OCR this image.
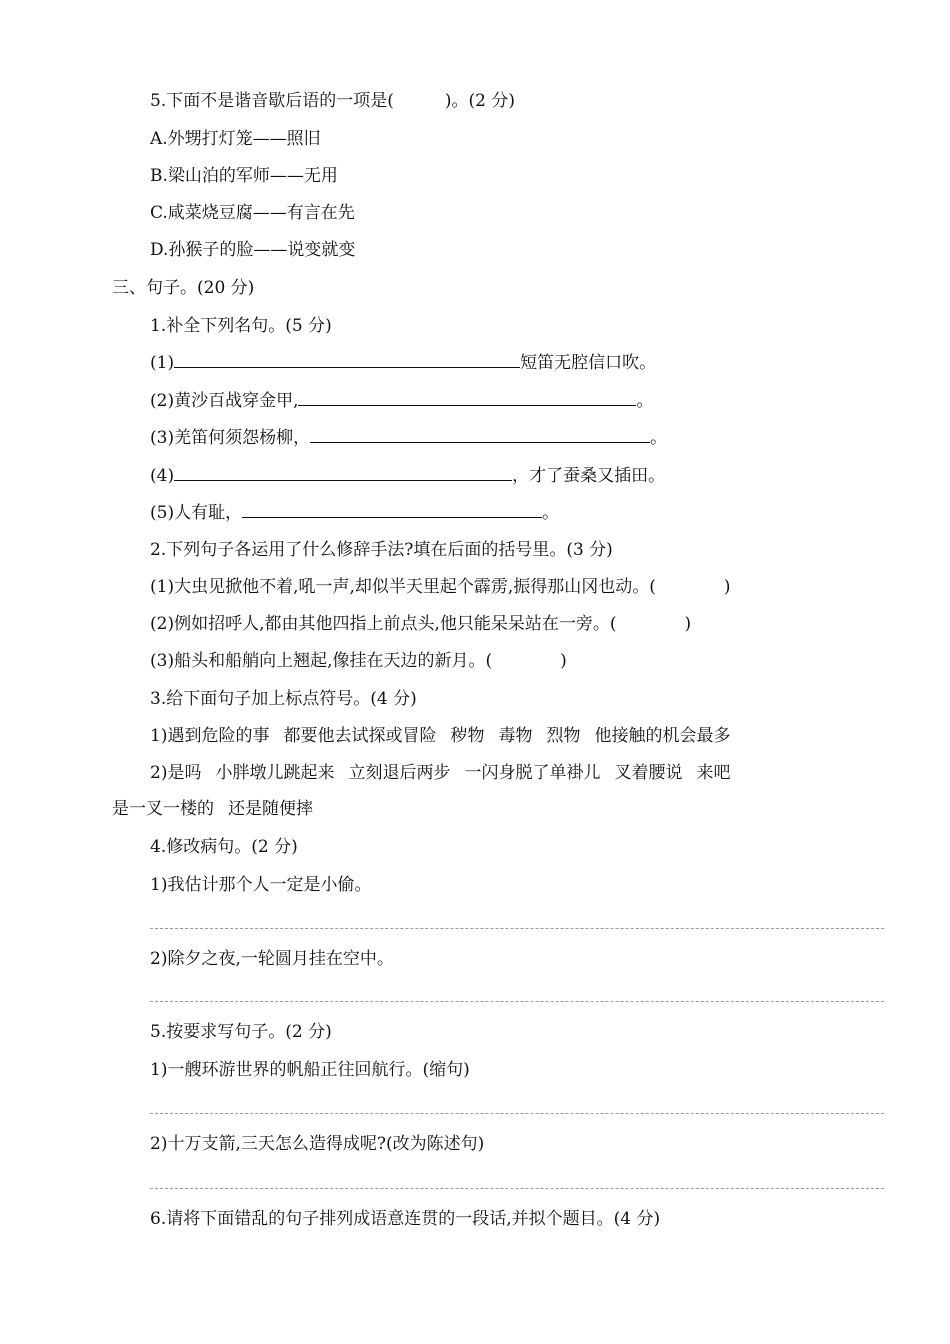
5.下面不是谐音歇后语的一项是(　　　)。(2 分)
A.外甥打灯笼——照旧
B.梁山泊的军师——无用
C.咸菜烧豆腐——有言在先
D.孙猴子的脸——说变就变
三、句子。(20 分)
1.补全下列名句。(5 分)
(1)	短笛无腔信口吹。
(2)黄沙百战穿金甲,	。
(3)羌笛何须怨杨柳，	。
(4)	，才了蚕桑又插田。
(5)人有耻，	。
2.下列句子各运用了什么修辞手法?填在后面的括号里。(3 分)
(1)大虫见掀他不着,吼一声,却似半天里起个霹雳,振得那山冈也动。(　　　　)
(2)例如招呼人,都由其他四指上前点头,他只能呆呆站在一旁。(　　　　)
(3)船头和船艄向上翘起,像挂在天边的新月。(　　　　)
3.给下面句子加上标点符号。(4 分)
1)遇到危险的事 都要他去试探或冒险 秽物 毒物 烈物 他接触的机会最多
2)是吗 小胖墩儿跳起来 立刻退后两步 一闪身脱了单褂儿 叉着腰说 来吧
是一叉一楼的 还是随便摔
4.修改病句。(2 分)
1)我估计那个人一定是小偷。
2)除夕之夜,一轮圆月挂在空中。
5.按要求写句子。(2 分)
1)一艘环游世界的帆船正往回航行。(缩句)
2)十万支箭,三天怎么造得成呢?(改为陈述句)
6.请将下面错乱的句子排列成语意连贯的一段话,并拟个题目。(4 分)
